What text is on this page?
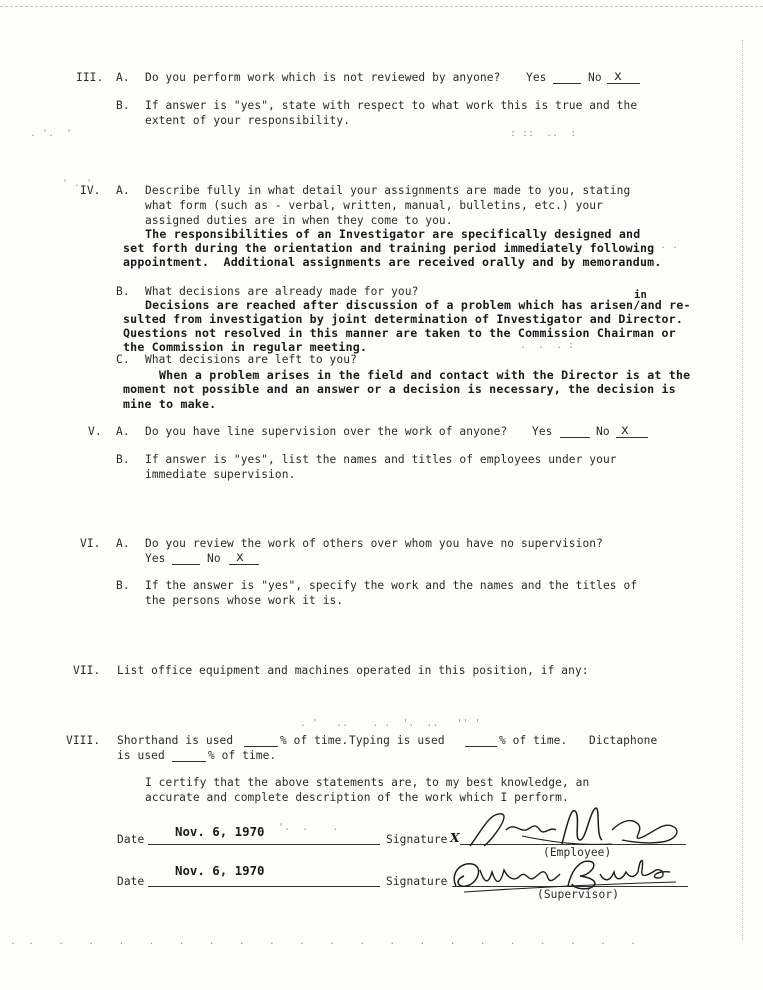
III. A. Do you perform work which is not reviewed by anyone? Yes	No x
B. If answer is "yes", state with respect to what work this is true and the
extent of your responsibility.
IV. A. Describe fully in what detail your assignments are made to you, stating
what form (such as - verbal, written, manual, bulletins, etc.) your
assigned duties are in when they come to you.
The responsibilities of an Investigator are specifically designed and
set forth during the orientation and training period immediately following
appointment.  Additional assignments are received orally and by memorandum.
B. What decisions are already made for you?	in
Decisions are reached after discussion of a problem which has arisen/and re-
sulted from investigation by joint determination of Investigator and Director.
Questions not resolved in this manner are taken to the Commission Chairman or
the Commission in regular meeting.
C. What decisions are left to you?
When a problem arises in the field and contact with the Director is at the
moment not possible and an answer or a decision is necessary, the decision is
mine to make.
V. A. Do you have line supervision over the work of anyone? Yes	No x
B. If answer is "yes", list the names and titles of employees under your
immediate supervision.
VI. A. Do you review the work of others over whom you have no supervision?
Yes	No x
B. If the answer is "yes", specify the work and the names and the titles of
the persons whose work it is.
VII. List office equipment and machines operated in this position, if any:
VIII. Shorthand is used	% of time. Typing is used	% of time. Dictaphone
is used	% of time.
I certify that the above statements are, to my best knowledge, an
accurate and complete description of the work which I perform.
Date
Nov. 6, 1970
Signature X
(Employee)
Date
Nov. 6, 1970
Signature
(Supervisor)
. '.  '	: ::  ..  :
' . '
. .
.  .  . :
. '   ..    . .  '.  ..   '' '
.  '.  .    .
.  .    .    .    .    .    .    .    .    .    .    .    .    .    .    .    .    .    .    .    .    .
